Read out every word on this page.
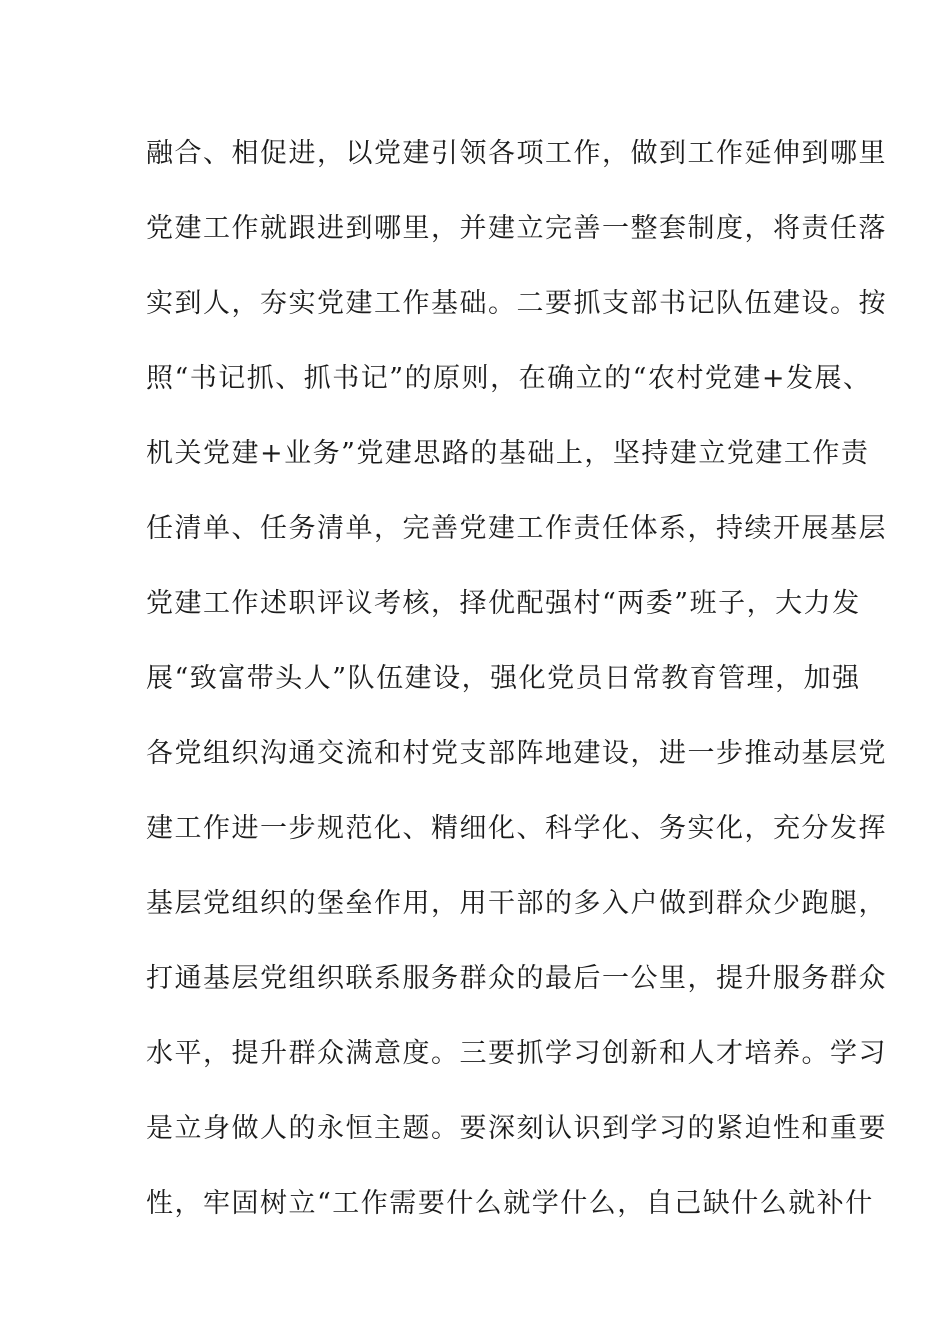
融合、相促进，以党建引领各项工作，做到工作延伸到哪里
党建工作就跟进到哪里，并建立完善一整套制度，将责任落
实到人，夯实党建工作基础。二要抓支部书记队伍建设。按
照“书记抓、抓书记”的原则，在确立的“农村党建+发展、
机关党建+业务”党建思路的基础上，坚持建立党建工作责
任清单、任务清单，完善党建工作责任体系，持续开展基层
党建工作述职评议考核，择优配强村“两委”班子，大力发
展“致富带头人”队伍建设，强化党员日常教育管理，加强
各党组织沟通交流和村党支部阵地建设，进一步推动基层党
建工作进一步规范化、精细化、科学化、务实化，充分发挥
基层党组织的堡垒作用，用干部的多入户做到群众少跑腿，
打通基层党组织联系服务群众的最后一公里，提升服务群众
水平，提升群众满意度。三要抓学习创新和人才培养。学习
是立身做人的永恒主题。要深刻认识到学习的紧迫性和重要
性，牢固树立“工作需要什么就学什么，自己缺什么就补什
